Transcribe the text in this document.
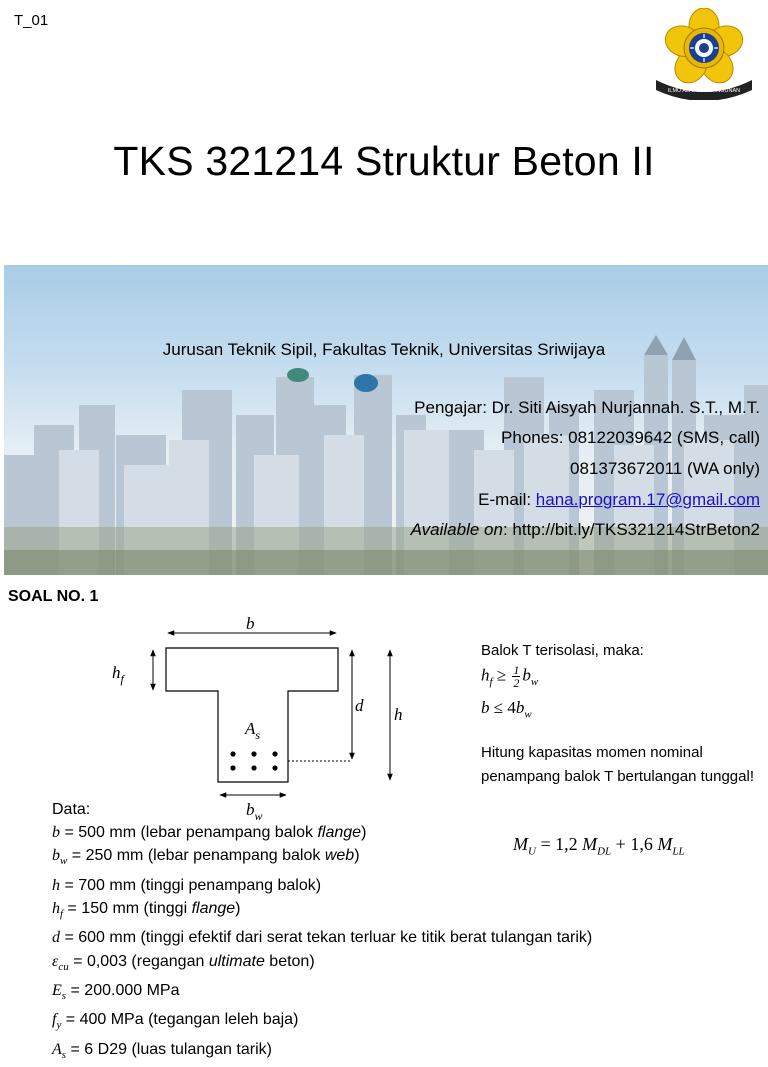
T_01
ILMU ALAT PEMBANGUNAN
TKS 321214 Struktur Beton II
Jurusan Teknik Sipil, Fakultas Teknik, Universitas Sriwijaya
Pengajar: Dr. Siti Aisyah Nurjannah. S.T., M.T.
Phones: 08122039642 (SMS, call)
081373672011 (WA only)
E-mail: hana.program.17@gmail.com
Available on: http://bit.ly/TKS321214StrBeton2
SOAL NO. 1
b
$h_f$
d h
$A_s$
$b_w$
Balok T terisolasi, maka:
$h_f \ge \frac{1}{2} b_w$
$b \le 4b_w$
Hitung kapasitas momen nominal penampang balok T bertulangan tunggal!
$M_U = 1,2$ $M_{DL} + 1,6$ $M_{LL}$
Data:
b = 500 mm (lebar penampang balok flange)
$b_w = 250$ mm (lebar penampang balok web)
h = 700 mm (tinggi penampang balok)
$h_f = 150$ mm (tinggi flange)
d = 600 mm (tinggi efektif dari serat tekan terluar ke titik berat tulangan tarik)
$\varepsilon_{cu} = 0,003$ (regangan ultimate beton)
$E_s = 200.000$ MPa
$f_y = 400$ MPa (tegangan leleh baja)
$A_s = 6$ D29 (luas tulangan tarik)
